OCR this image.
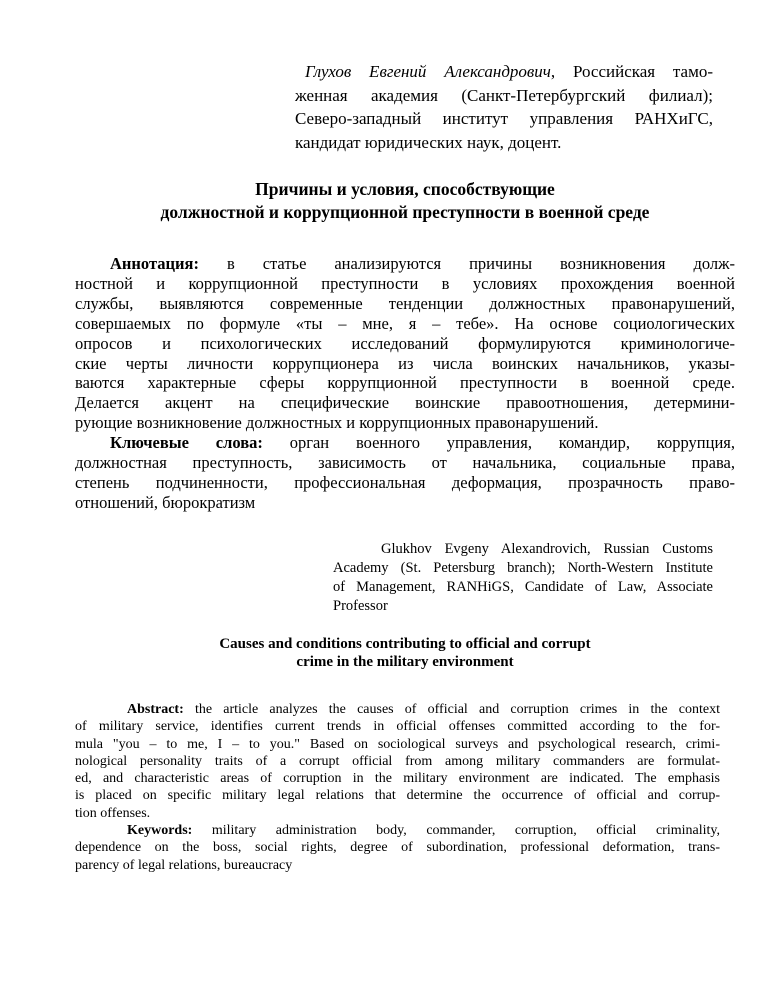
Глухов Евгений Александрович, Российская тамо-
женная академия (Санкт-Петербургский филиал);
Северо-западный институт управления РАНХиГС,
кандидат юридических наук, доцент.
Причины и условия, способствующие
должностной и коррупционной преступности в военной среде
Аннотация: в статье анализируются причины возникновения долж-
ностной и коррупционной преступности в условиях прохождения военной
службы, выявляются современные тенденции должностных правонарушений,
совершаемых по формуле «ты – мне, я – тебе». На основе социологических
опросов и психологических исследований формулируются криминологиче-
ские черты личности коррупционера из числа воинских начальников, указы-
ваются характерные сферы коррупционной преступности в военной среде.
Делается акцент на специфические воинские правоотношения, детермини-
рующие возникновение должностных и коррупционных правонарушений.
Ключевые слова: орган военного управления, командир, коррупция,
должностная преступность, зависимость от начальника, социальные права,
степень подчиненности, профессиональная деформация, прозрачность право-
отношений, бюрократизм
Glukhov Evgeny Alexandrovich, Russian Customs
Academy (St. Petersburg branch); North-Western Institute
of Management, RANHiGS, Candidate of Law, Associate
Professor
Causes and conditions contributing to official and corrupt
crime in the military environment
Abstract: the article analyzes the causes of official and corruption crimes in the context
of military service, identifies current trends in official offenses committed according to the for-
mula "you – to me, I – to you." Based on sociological surveys and psychological research, crimi-
nological personality traits of a corrupt official from among military commanders are formulat-
ed, and characteristic areas of corruption in the military environment are indicated. The emphasis
is placed on specific military legal relations that determine the occurrence of official and corrup-
tion offenses.
Keywords: military administration body, commander, corruption, official criminality,
dependence on the boss, social rights, degree of subordination, professional deformation, trans-
parency of legal relations, bureaucracy
